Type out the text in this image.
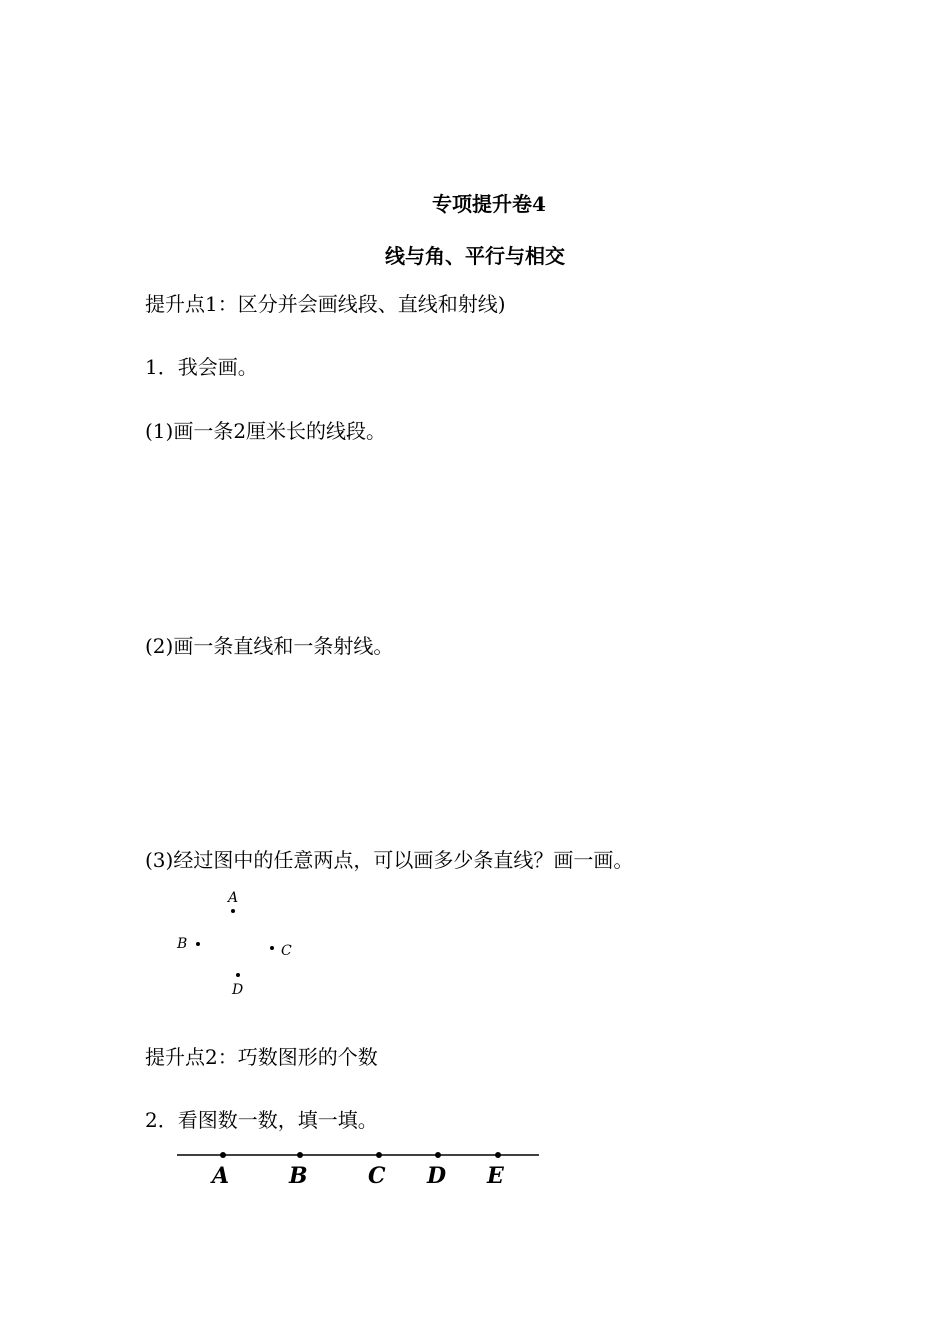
专项提升卷4
线与角、平行与相交
提升点1：区分并会画线段、直线和射线)
1．我会画。
(1)画一条2厘米长的线段。
(2)画一条直线和一条射线。
(3)经过图中的任意两点，可以画多少条直线？画一画。
A
B	C
D
提升点2：巧数图形的个数
2．看图数一数，填一填。
A	B	C D E
